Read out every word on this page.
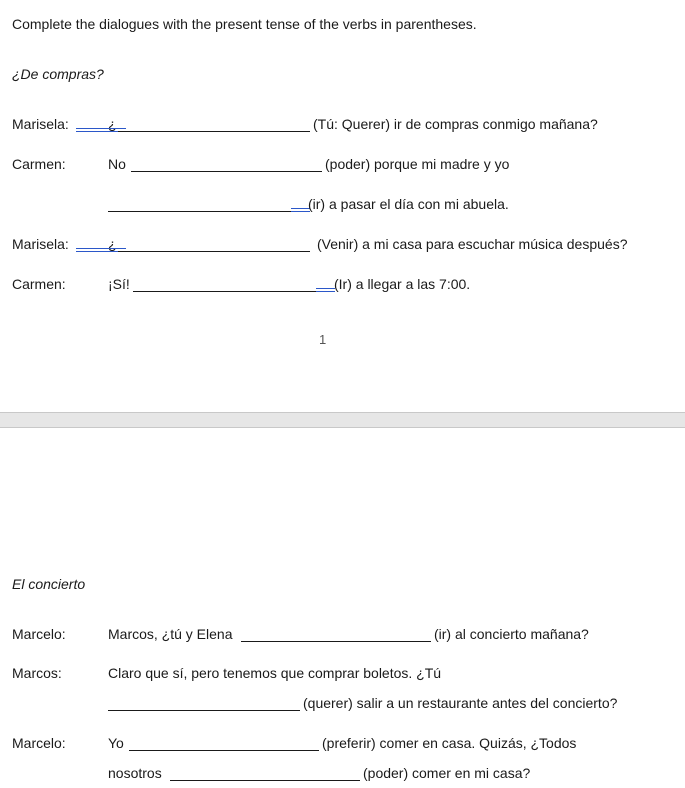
Complete the dialogues with the present tense of the verbs in parentheses.
¿De compras?
Marisela:	¿	(Tú: Querer) ir de compras conmigo mañana?
Carmen:	No	(poder) porque mi madre y yo
(ir) a pasar el día con mi abuela.
Marisela:	¿	(Venir) a mi casa para escuchar música después?
Carmen:	¡Sí!	(Ir) a llegar a las 7:00.
1
El concierto
Marcelo:	Marcos, ¿tú y Elena	(ir) al concierto mañana?
Marcos:	Claro que sí, pero tenemos que comprar boletos. ¿Tú
(querer) salir a un restaurante antes del concierto?
Marcelo:	Yo	(preferir) comer en casa. Quizás, ¿Todos
nosotros	(poder) comer en mi casa?
